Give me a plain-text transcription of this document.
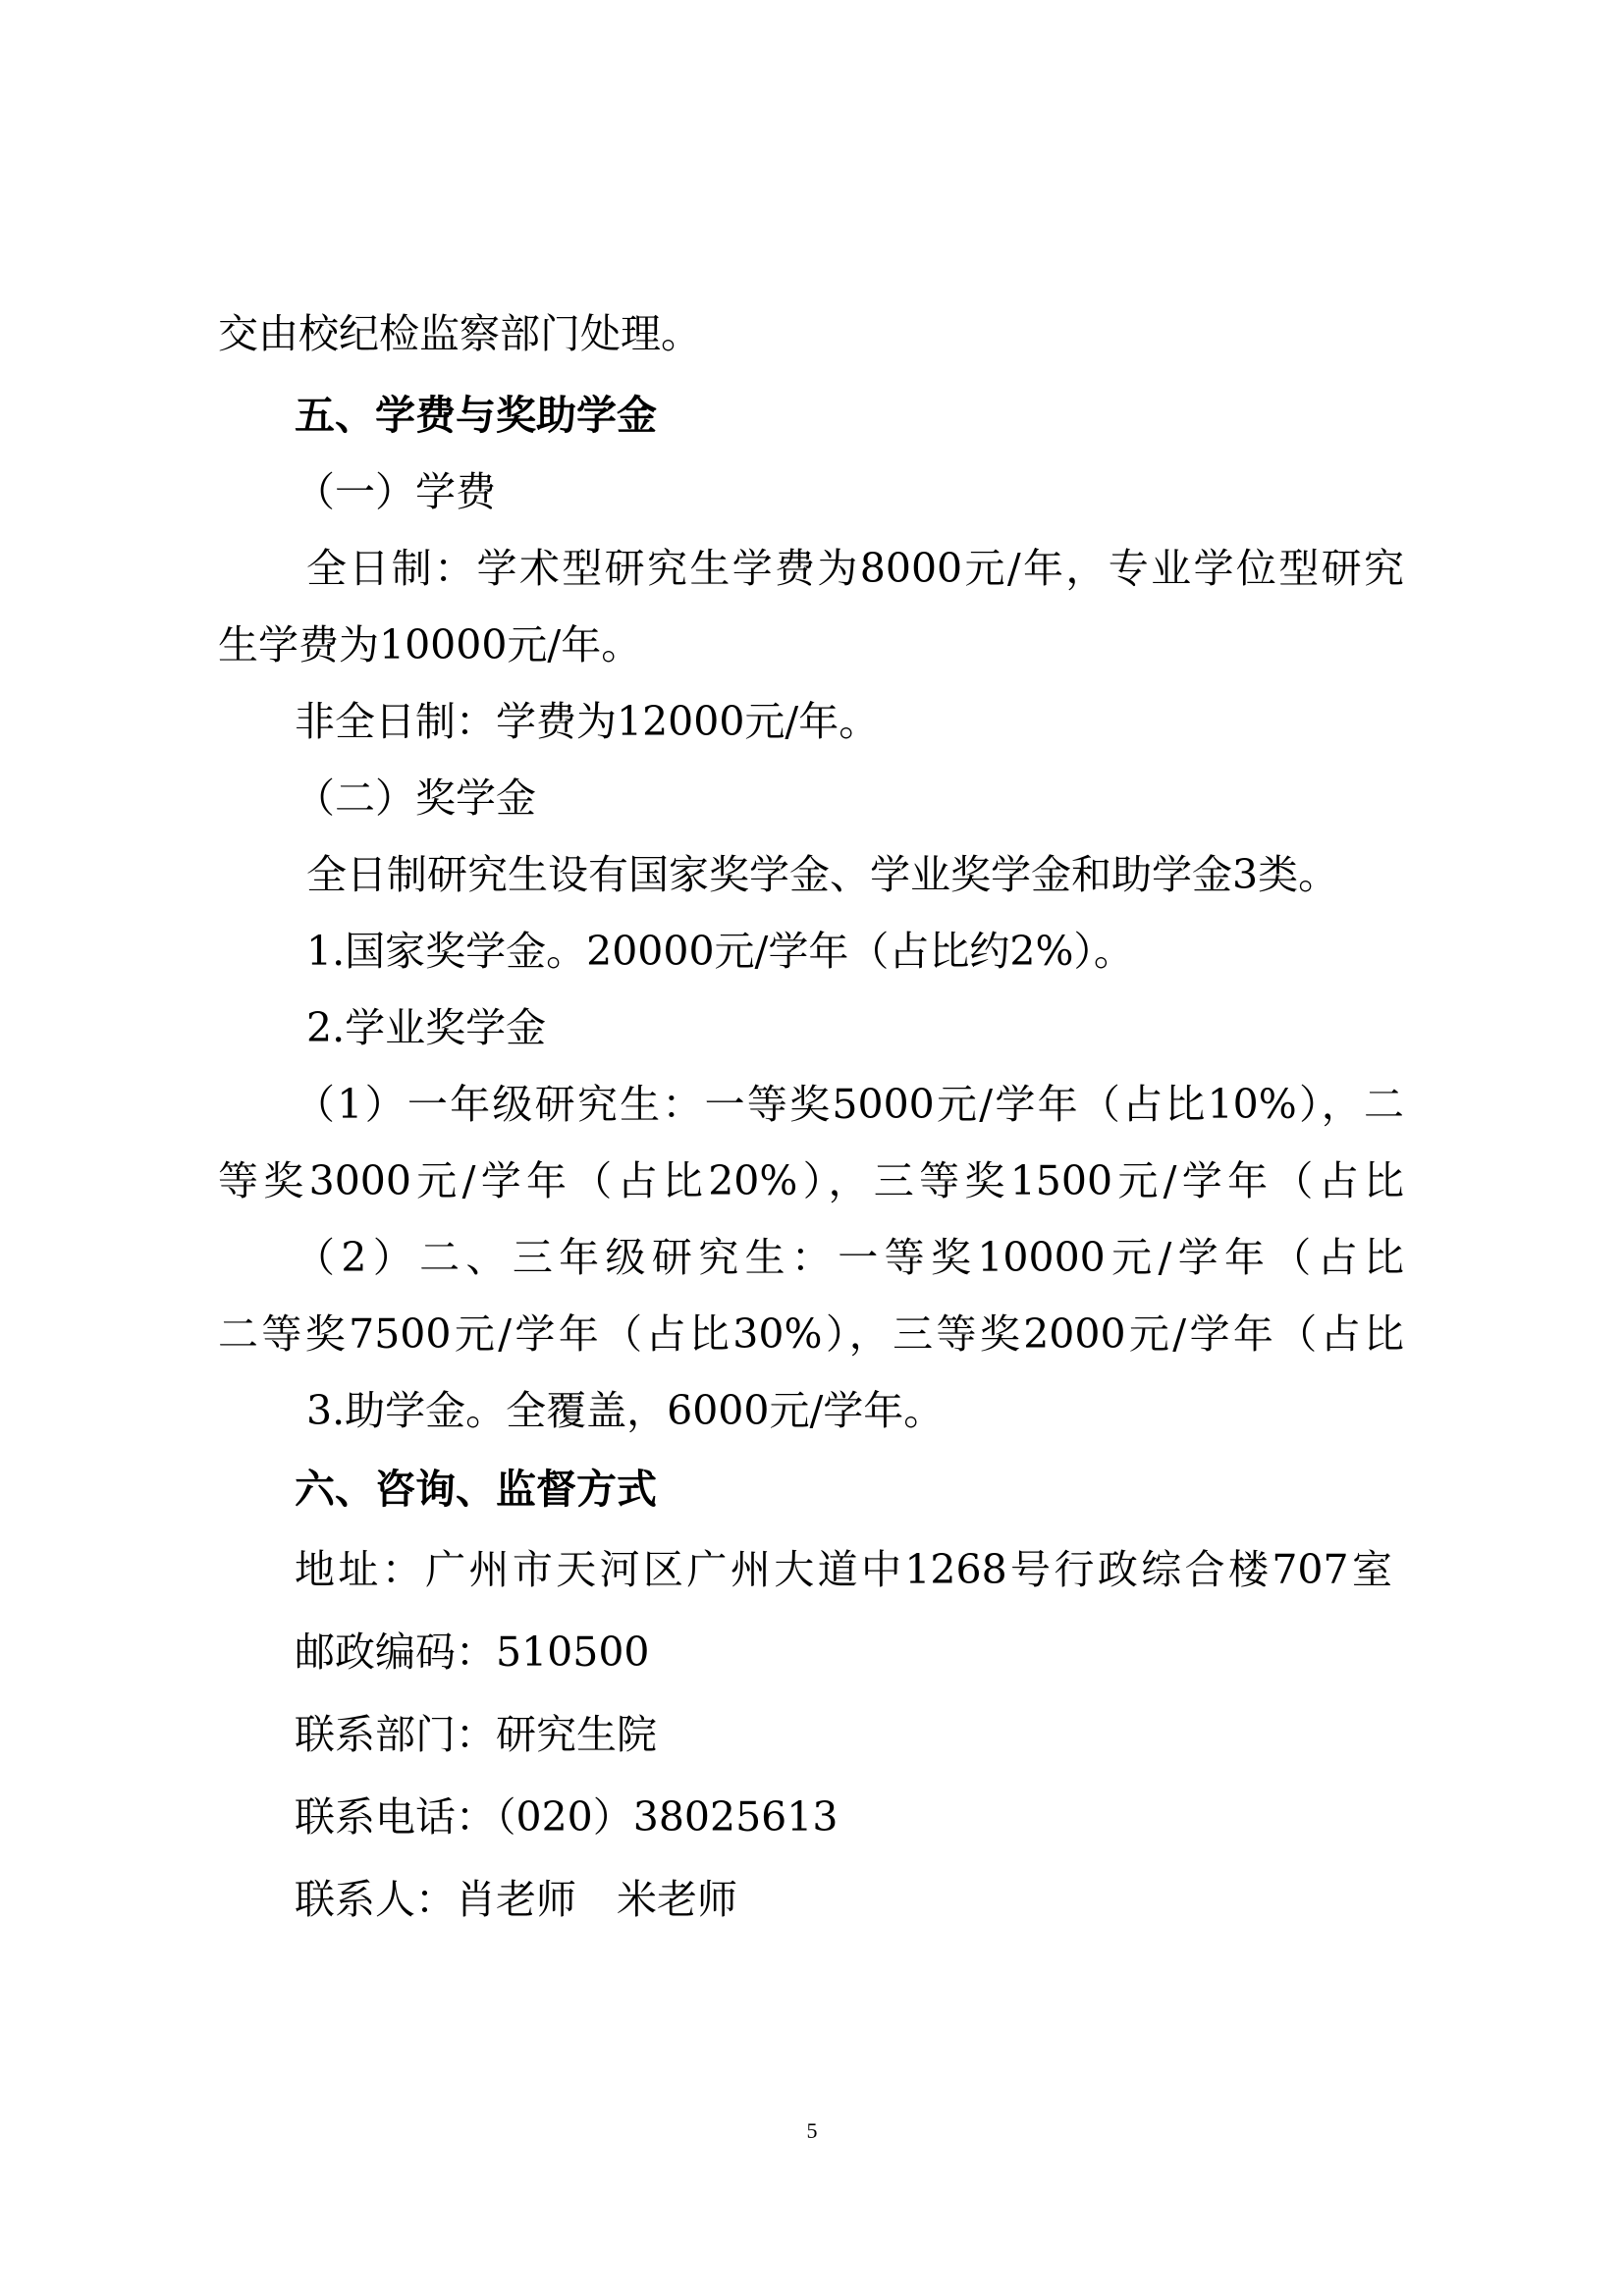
交由校纪检监察部门处理。
五、学费与奖助学金
（一）学费
全日制：学术型研究生学费为8000元/年，专业学位型研究
生学费为10000元/年。
非全日制：学费为12000元/年。
（二）奖学金
全日制研究生设有国家奖学金、学业奖学金和助学金3类。
1.国家奖学金。20000元/学年（占比约2%）。
2.学业奖学金
（1）一年级研究生：一等奖5000元/学年（占比10%），二
等奖3000元/学年（占比20%），三等奖1500元/学年（占比
（2）二、三年级研究生：一等奖10000元/学年（占比
二等奖7500元/学年（占比30%），三等奖2000元/学年（占比
3.助学金。全覆盖，6000元/学年。
六、咨询、监督方式
地址：广州市天河区广州大道中1268号行政综合楼707室
邮政编码：510500
联系部门：研究生院
联系电话：（020）38025613
联系人：肖老师　米老师
5
